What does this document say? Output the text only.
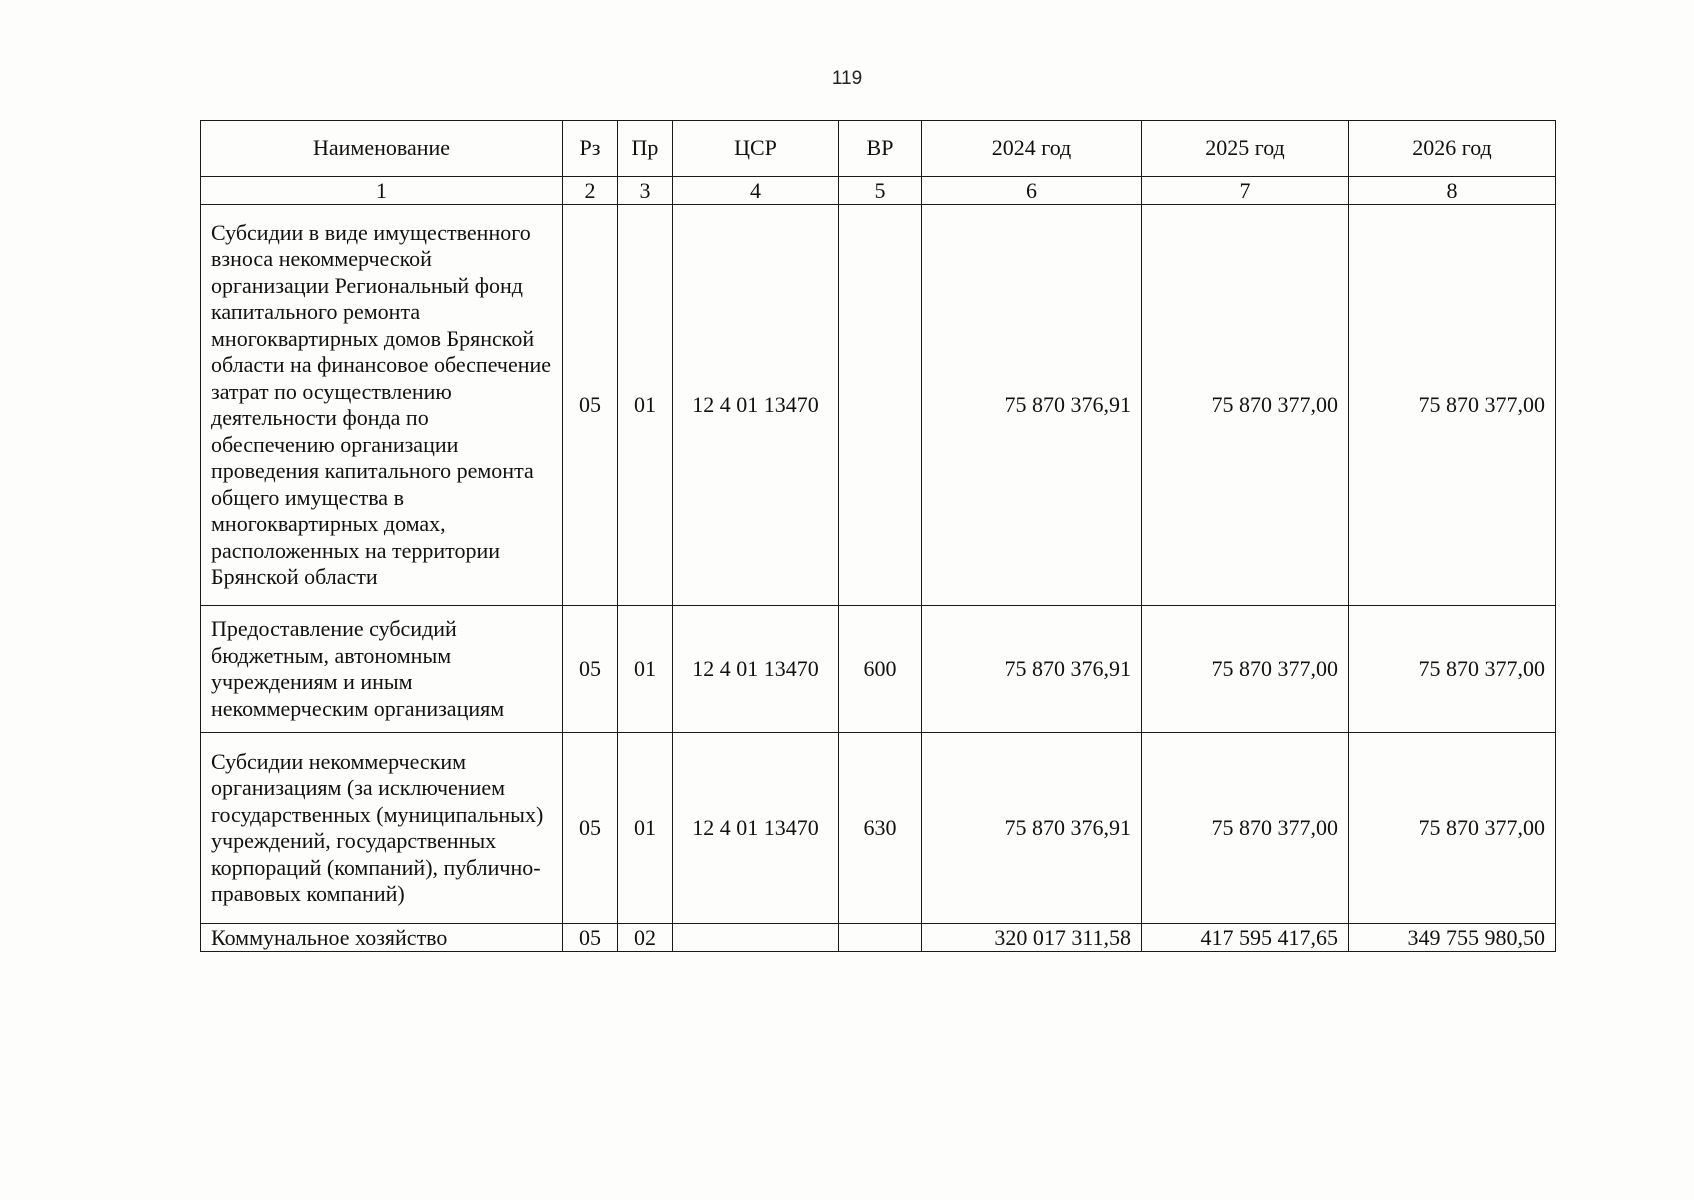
119
Наименование	Рз	Пр	ЦСР	ВР	2024 год	2025 год	2026 год
1	2	3	4	5	6	7	8
Субсидии в виде имущественного взноса некоммерческой организации Региональный фонд капитального ремонта многоквартирных домов Брянской области на финансовое обеспечение затрат по осуществлению деятельности фонда по обеспечению организации проведения капитального ремонта общего имущества в многоквартирных домах, расположенных на территории Брянской области	05	01	12 4 01 13470		75 870 376,91	75 870 377,00	75 870 377,00
Предоставление субсидий бюджетным, автономным учреждениям и иным некоммерческим организациям	05	01	12 4 01 13470	600	75 870 376,91	75 870 377,00	75 870 377,00
Субсидии некоммерческим организациям (за исключением государственных (муниципальных) учреждений, государственных корпораций (компаний), публично-правовых компаний)	05	01	12 4 01 13470	630	75 870 376,91	75 870 377,00	75 870 377,00
Коммунальное хозяйство	05	02			320 017 311,58	417 595 417,65	349 755 980,50
